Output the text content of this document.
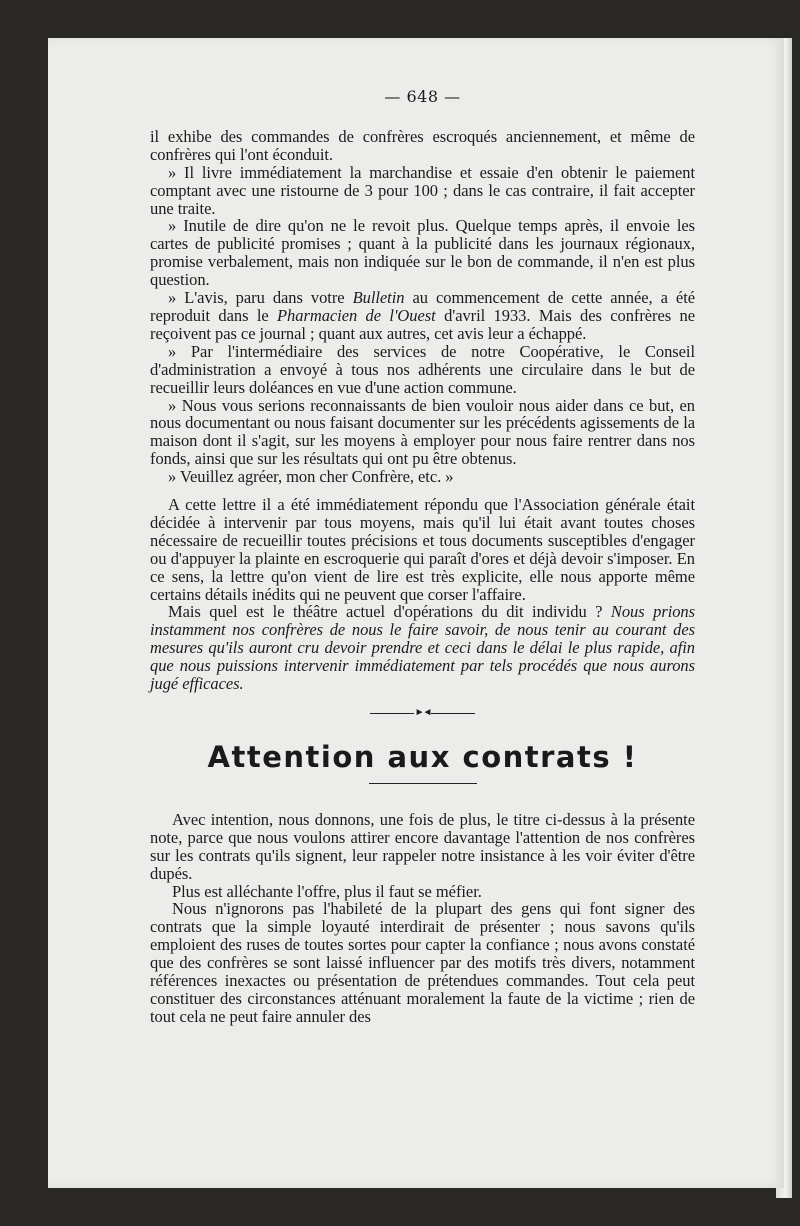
— 648 —

il exhibe des commandes de confrères escroqués anciennement, et même de confrères qui l'ont éconduit.

» Il livre immédiatement la marchandise et essaie d'en obtenir le paiement comptant avec une ristourne de 3 pour 100 ; dans le cas contraire, il fait accepter une traite.

» Inutile de dire qu'on ne le revoit plus. Quelque temps après, il envoie les cartes de publicité promises ; quant à la publicité dans les journaux régionaux, promise verbalement, mais non indiquée sur le bon de commande, il n'en est plus question.

» L'avis, paru dans votre Bulletin au commencement de cette année, a été reproduit dans le Pharmacien de l'Ouest d'avril 1933. Mais des confrères ne reçoivent pas ce journal ; quant aux autres, cet avis leur a échappé.

» Par l'intermédiaire des services de notre Coopérative, le Conseil d'administration a envoyé à tous nos adhérents une circulaire dans le but de recueillir leurs doléances en vue d'une action commune.

» Nous vous serions reconnaissants de bien vouloir nous aider dans ce but, en nous documentant ou nous faisant documenter sur les précédents agissements de la maison dont il s'agit, sur les moyens à employer pour nous faire rentrer dans nos fonds, ainsi que sur les résultats qui ont pu être obtenus.

» Veuillez agréer, mon cher Confrère, etc. »

A cette lettre il a été immédiatement répondu que l'Association générale était décidée à intervenir par tous moyens, mais qu'il lui était avant toutes choses nécessaire de recueillir toutes précisions et tous documents susceptibles d'engager ou d'appuyer la plainte en escroquerie qui paraît d'ores et déjà devoir s'imposer. En ce sens, la lettre qu'on vient de lire est très explicite, elle nous apporte même certains détails inédits qui ne peuvent que corser l'affaire.

Mais quel est le théâtre actuel d'opérations du dit individu ? Nous prions instamment nos confrères de nous le faire savoir, de nous tenir au courant des mesures qu'ils auront cru devoir prendre et ceci dans le délai le plus rapide, afin que nous puissions intervenir immédiatement par tels procédés que nous aurons jugé efficaces.

►◄
Attention aux contrats !

Avec intention, nous donnons, une fois de plus, le titre ci-dessus à la présente note, parce que nous voulons attirer encore davantage l'attention de nos confrères sur les contrats qu'ils signent, leur rappeler notre insistance à les voir éviter d'être dupés.

Plus est alléchante l'offre, plus il faut se méfier.

Nous n'ignorons pas l'habileté de la plupart des gens qui font signer des contrats que la simple loyauté interdirait de présenter ; nous savons qu'ils emploient des ruses de toutes sortes pour capter la confiance ; nous avons constaté que des confrères se sont laissé influencer par des motifs très divers, notamment références inexactes ou présentation de prétendues commandes. Tout cela peut constituer des circonstances atténuant moralement la faute de la victime ; rien de tout cela ne peut faire annuler des
